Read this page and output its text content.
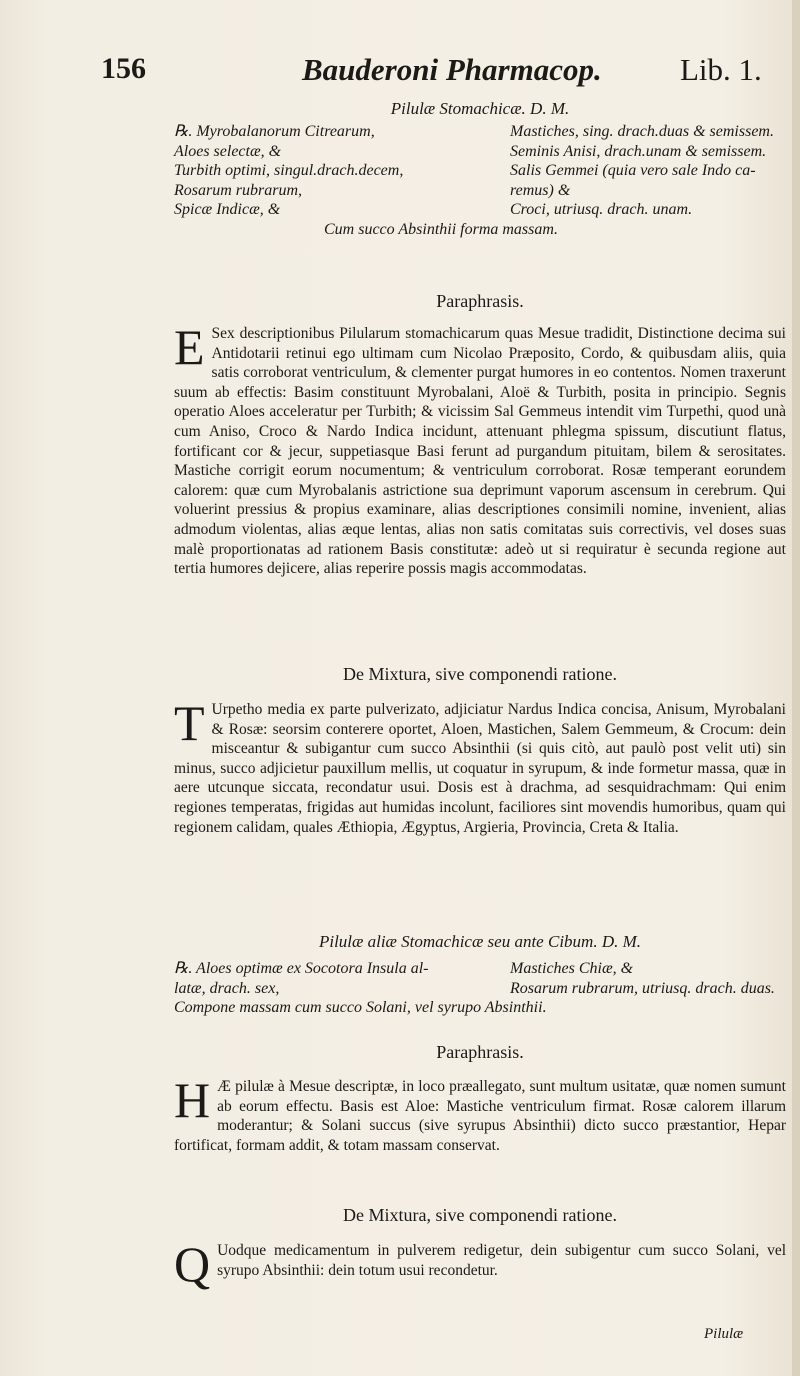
156	Bauderoni Pharmacop.	Lib. 1.
Pilulæ Stomachicæ. D. M.
℞. Myrobalanorum Citrearum,	Mastiches, sing. drach.duas & semissem.
Aloes selectæ, &	Seminis Anisi, drach.unam & semissem.
Turbith optimi, singul.drach.decem,	Salis Gemmei (quia vero sale Indo ca-
Rosarum rubrarum,	remus) &
Spicæ Indicæ, &	Croci, utriusq. drach. unam.
Cum succo Absinthii forma massam.
Paraphrasis.
E Sex descriptionibus Pilularum stomachicarum quas Mesue tradidit, Distinctione decima sui Antidotarii retinui ego ultimam cum Nicolao Præposito, Cordo, & quibusdam aliis, quia satis corroborat ventriculum, & clementer purgat humores in eo contentos. Nomen traxerunt suum ab effectis: Basim constituunt Myrobalani, Aloë & Turbith, posita in principio. Segnis operatio Aloes acceleratur per Turbith; & vicissim Sal Gemmeus intendit vim Turpethi, quod unà cum Aniso, Croco & Nardo Indica incidunt, attenuant phlegma spissum, discutiunt flatus, fortificant cor & jecur, suppetiasque Basi ferunt ad purgandum pituitam, bilem & serositates. Mastiche corrigit eorum nocumentum; & ventriculum corroborat. Rosæ temperant eorundem calorem: quæ cum Myrobalanis astrictione sua deprimunt vaporum ascensum in cerebrum. Qui voluerint pressius & propius examinare, alias descriptiones consimili nomine, invenient, alias admodum violentas, alias æque lentas, alias non satis comitatas suis correctivis, vel doses suas malè proportionatas ad rationem Basis constitutæ: adeò ut si requiratur è secunda regione aut tertia humores dejicere, alias reperire possis magis accommodatas.

De Mixtura, sive componendi ratione.
T Urpetho media ex parte pulverizato, adjiciatur Nardus Indica concisa, Anisum, Myrobalani & Rosæ: seorsim conterere oportet, Aloen, Mastichen, Salem Gemmeum, & Crocum: dein misceantur & subigantur cum succo Absinthii (si quis citò, aut paulò post velit uti) sin minus, succo adjicietur pauxillum mellis, ut coquatur in syrupum, & inde formetur massa, quæ in aere utcunque siccata, recondatur usui. Dosis est à drachma, ad sesquidrachmam: Qui enim regiones temperatas, frigidas aut humidas incolunt, faciliores sint movendis humoribus, quam qui regionem calidam, quales Æthiopia, Ægyptus, Argieria, Provincia, Creta & Italia.

Pilulæ aliæ Stomachicæ seu ante Cibum. D. M.
℞. Aloes optimæ ex Socotora Insula al-	Mastiches Chiæ, &
latæ, drach. sex,	Rosarum rubrarum, utriusq. drach. duas.
Compone massam cum succo Solani, vel syrupo Absinthii.
Paraphrasis.
H Æ pilulæ à Mesue descriptæ, in loco præallegato, sunt multum usitatæ, quæ nomen sumunt ab eorum effectu. Basis est Aloe: Mastiche ventriculum firmat. Rosæ calorem illarum moderantur; & Solani succus (sive syrupus Absinthii) dicto succo præstantior, Hepar fortificat, formam addit, & totam massam conservat.

De Mixtura, sive componendi ratione.
Q Uodque medicamentum in pulverem redigetur, dein subigentur cum succo Solani, vel syrupo Absinthii: dein totum usui recondetur.

Pilulæ
